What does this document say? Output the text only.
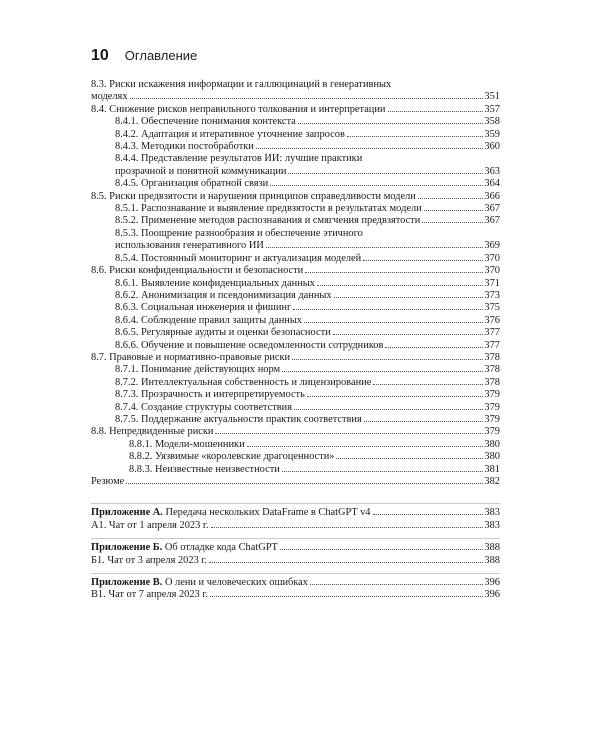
10 Оглавление
8.3. Риски искажения информации и галлюцинаций в генеративных
моделях	351
8.4. Снижение рисков неправильного толкования и интерпретации	357
8.4.1. Обеспечение понимания контекста	358
8.4.2. Адаптация и итеративное уточнение запросов	359
8.4.3. Методики постобработки	360
8.4.4. Представление результатов ИИ: лучшие практики
прозрачной и понятной коммуникации	363
8.4.5. Организация обратной связи	364
8.5. Риски предвзятости и нарушения принципов справедливости модели	366
8.5.1. Распознавание и выявление предвзятости в результатах модели	367
8.5.2. Применение методов распознавания и смягчения предвзятости	367
8.5.3. Поощрение разнообразия и обеспечение этичного
использования генеративного ИИ	369
8.5.4. Постоянный мониторинг и актуализация моделей	370
8.6. Риски конфиденциальности и безопасности	370
8.6.1. Выявление конфиденциальных данных	371
8.6.2. Анонимизация и псевдонимизация данных	373
8.6.3. Социальная инженерия и фишинг	375
8.6.4. Соблюдение правил защиты данных	376
8.6.5. Регулярные аудиты и оценки безопасности	377
8.6.6. Обучение и повышение осведомленности сотрудников	377
8.7. Правовые и нормативно-правовые риски	378
8.7.1. Понимание действующих норм	378
8.7.2. Интеллектуальная собственность и лицензирование	378
8.7.3. Прозрачность и интерпретируемость	379
8.7.4. Создание структуры соответствия	379
8.7.5. Поддержание актуальности практик соответствия	379
8.8. Непредвиденные риски	379
8.8.1. Модели-мошенники	380
8.8.2. Уязвимые «королевские драгоценности»	380
8.8.3. Неизвестные неизвестности	381
Резюме	382
Приложение А. Передача нескольких DataFrame в ChatGPT v4	383
А1. Чат от 1 апреля 2023 г.	383
Приложение Б. Об отладке кода ChatGPT	388
Б1. Чат от 3 апреля 2023 г.	388
Приложение В. О лени и человеческих ошибках	396
В1. Чат от 7 апреля 2023 г.	396
